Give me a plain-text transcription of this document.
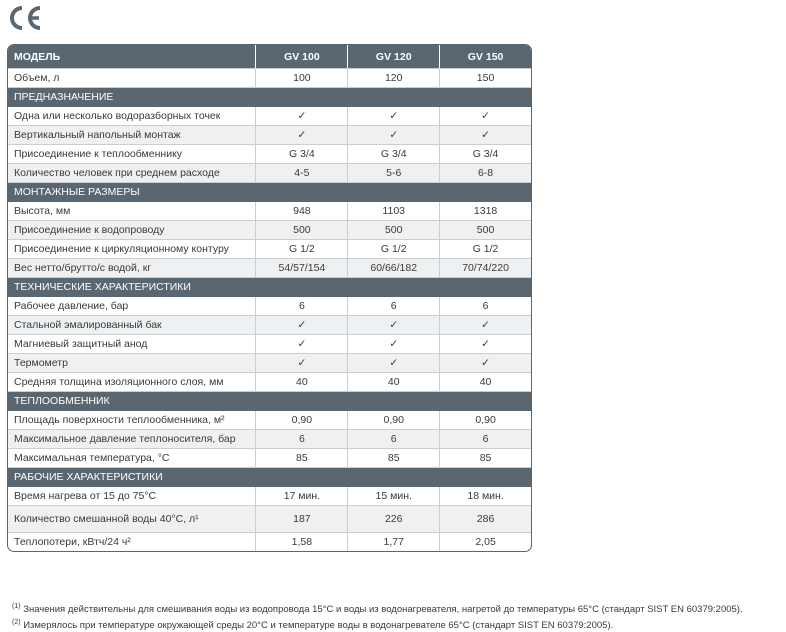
МОДЕЛЬ	GV 100	GV 120	GV 150
Объем, л	100	120	150
ПРЕДНАЗНАЧЕНИЕ			
Одна или несколько водоразборных точек	✓	✓	✓
Вертикальный напольный монтаж	✓	✓	✓
Присоединение к теплообменнику	G 3/4	G 3/4	G 3/4
Количество человек при среднем расходе	4-5	5-6	6-8
МОНТАЖНЫЕ РАЗМЕРЫ			
Высота, мм	948	1103	1318
Присоединение к водопроводу	500	500	500
Присоединение к циркуляционному контуру	G 1/2	G 1/2	G 1/2
Вес нетто/брутто/с водой, кг	54/57/154	60/66/182	70/74/220
ТЕХНИЧЕСКИЕ ХАРАКТЕРИСТИКИ			
Рабочее давление, бар	6	6	6
Стальной эмалированный бак	✓	✓	✓
Магниевый защитный анод	✓	✓	✓
Термометр	✓	✓	✓
Средняя толщина изоляционного слоя, мм	40	40	40
ТЕПЛООБМЕННИК			
Площадь поверхности теплообменника, м²	0,90	0,90	0,90
Максимальное давление теплоносителя, бар	6	6	6
Максимальная температура, °C	85	85	85
РАБОЧИЕ ХАРАКТЕРИСТИКИ			
Время нагрева от 15 до 75°C	17 мин.	15 мин.	18 мин.
Количество смешанной воды 40°C, л¹	187	226	286
Теплопотери, кВтч/24 ч²	1,58	1,77	2,05
$^{(1)}$ Значения действительны для смешивания воды из водопровода 15°C и воды из водонагревателя, нагретой до температуры 65°C (стандарт SIST EN 60379:2005).
$^{(2)}$ Измерялось при температуре окружающей среды 20°C и температуре воды в водонагревателе 65°C (стандарт SIST EN 60379:2005).
